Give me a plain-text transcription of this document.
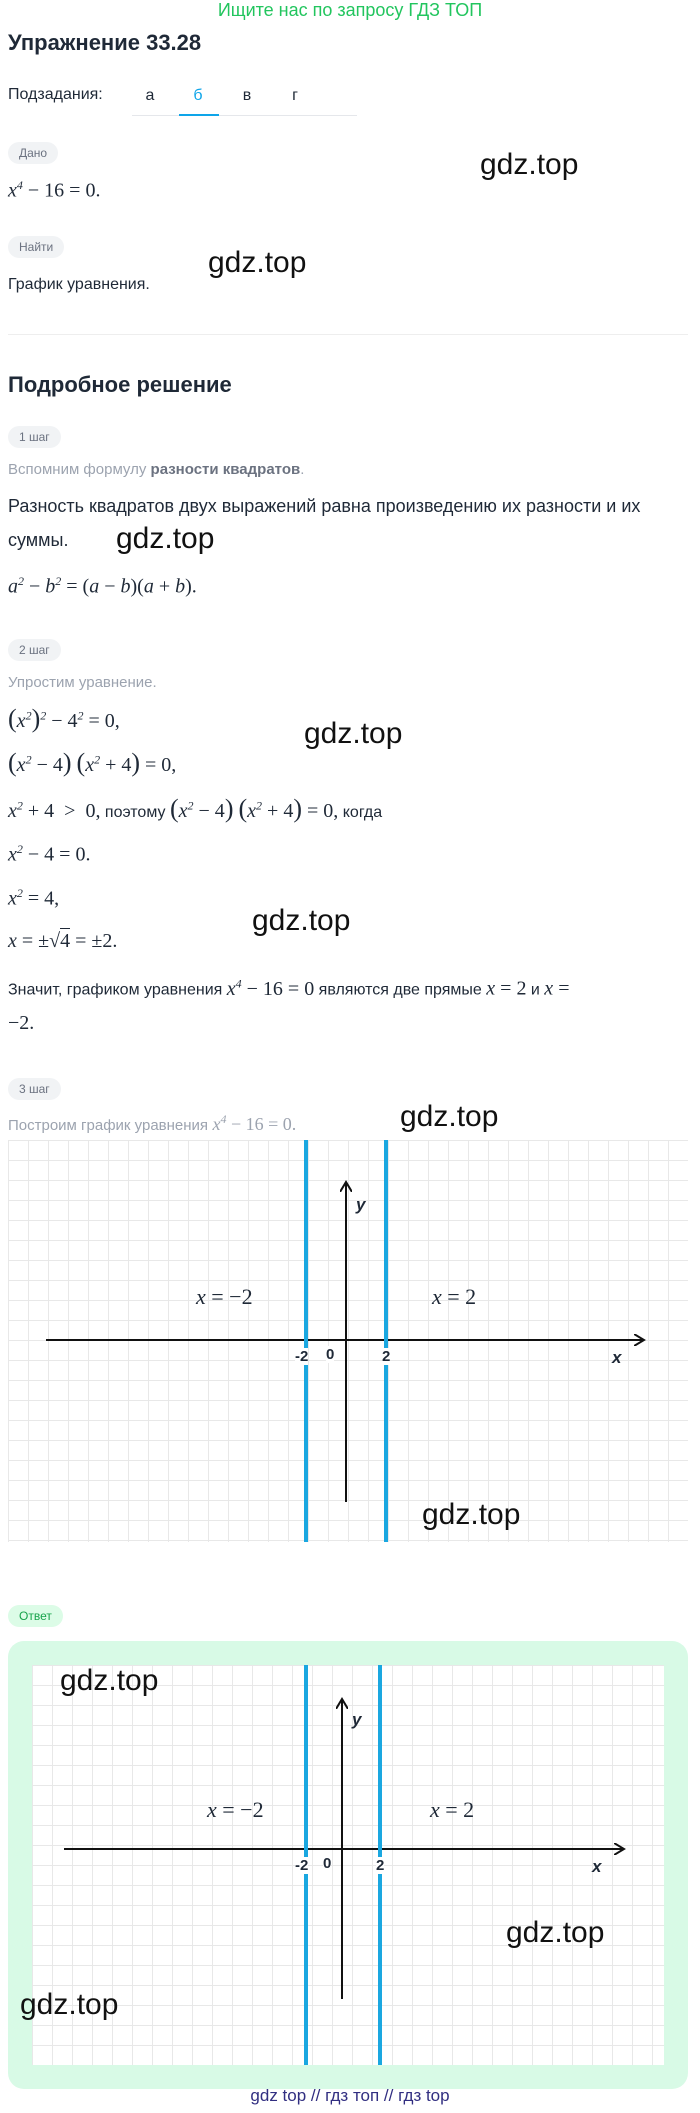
Ищите нас по запросу ГДЗ ТОП
Упражнение 33.28
Подзадания:	а	б	в	г
Дано
$x^4 - 16 = 0$.
gdz.top
Найти
График уравнения.
gdz.top
Подробное решение
1 шаг
Вспомним формулу разности квадратов.
Разность квадратов двух выражений равна произведению их разности и их
суммы. gdz.top
$a^2 - b^2 = (a - b)(a + b)$.
2 шаг
Упростим уравнение.
$(x^2)^2 - 4^2 = 0$,
$(x^2 - 4) (x^2 + 4) = 0$,
gdz.top
$x^2 + 4 > 0$, поэтому $(x^2 - 4) (x^2 + 4) = 0$, когда
$x^2 - 4 = 0$.
$x^2 = 4$,
x = ±√4 = ±2.
gdz.top
Значит, графиком уравнения $x^4 - 16 = 0$ являются две прямые x = 2 и x =
−2.
3 шаг
Построим график уравнения $x^4 - 16 = 0$.	gdz.top
y
x
0
-2	2
x = −2	x = 2
gdz.top
Ответ
y
x
0
-2	2
x = −2	x = 2
gdz.top
gdz.top
gdz.top
gdz top // гдз топ // гдз top
